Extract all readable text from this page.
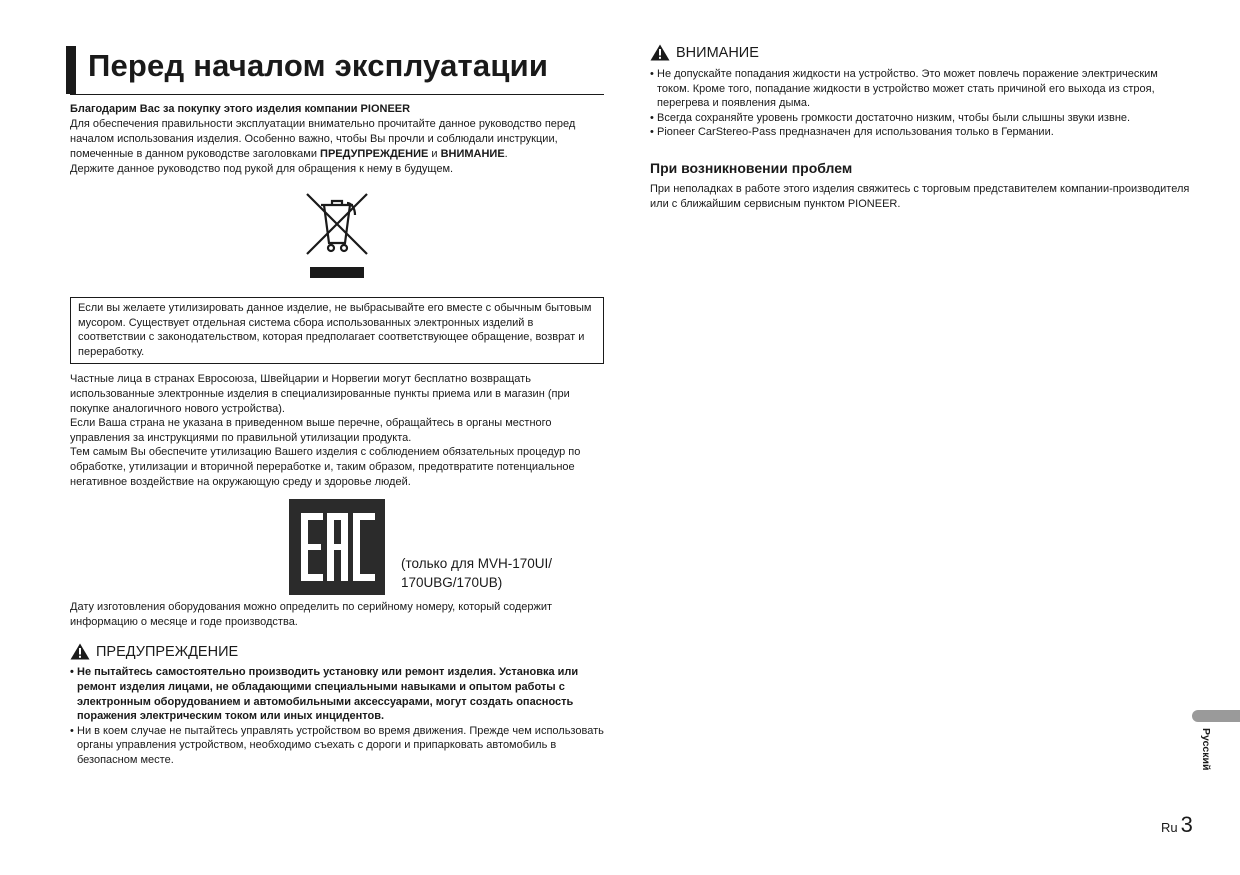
Перед началом эксплуатации
Благодарим Вас за покупку этого изделия компании PIONEER
Для обеспечения правильности эксплуатации внимательно прочитайте данное руководство перед началом использования изделия. Особенно важно, чтобы Вы прочли и соблюдали инструкции, помеченные в данном руководстве заголовками ПРЕДУПРЕЖДЕНИЕ и ВНИМАНИЕ.
Держите данное руководство под рукой для обращения к нему в будущем.
Если вы желаете утилизировать данное изделие, не выбрасывайте его вместе с обычным бытовым мусором. Существует отдельная система сбора использованных электронных изделий в соответствии с законодательством, которая предполагает соответствующее обращение, возврат и переработку.
Частные лица в странах Евросоюза, Швейцарии и Норвегии могут бесплатно возвращать использованные электронные изделия в специализированные пункты приема или в магазин (при покупке аналогичного нового устройства).
Если Ваша страна не указана в приведенном выше перечне, обращайтесь в органы местного управления за инструкциями по правильной утилизации продукта.
Тем самым Вы обеспечите утилизацию Вашего изделия с соблюдением обязательных процедур по обработке, утилизации и вторичной переработке и, таким образом, предотвратите потенциальное негативное воздействие на окружающую среду и здоровье людей.
(только для MVH-170UI/
170UBG/170UB)
Дату изготовления оборудования можно определить по серийному номеру, который содержит информацию о месяце и годе производства.
ПРЕДУПРЕЖДЕНИЕ
• Не пытайтесь самостоятельно производить установку или ремонт изделия. Установка или ремонт изделия лицами, не обладающими специальными навыками и опытом работы с электронным оборудованием и автомобильными аксессуарами, могут создать опасность поражения электрическим током или иных инцидентов.
• Ни в коем случае не пытайтесь управлять устройством во время движения. Прежде чем использовать органы управления устройством, необходимо съехать с дороги и припарковать автомобиль в безопасном месте.
ВНИМАНИЕ
• Не допускайте попадания жидкости на устройство. Это может повлечь поражение электрическим током. Кроме того, попадание жидкости в устройство может стать причиной его выхода из строя, перегрева и появления дыма.
• Всегда сохраняйте уровень громкости достаточно низким, чтобы были слышны звуки извне.
• Pioneer CarStereo-Pass предназначен для использования только в Германии.
При возникновении проблем
При неполадках в работе этого изделия свяжитесь с торговым представителем компании-производителя или с ближайшим сервисным пунктом PIONEER.
Русский
Ru 3
